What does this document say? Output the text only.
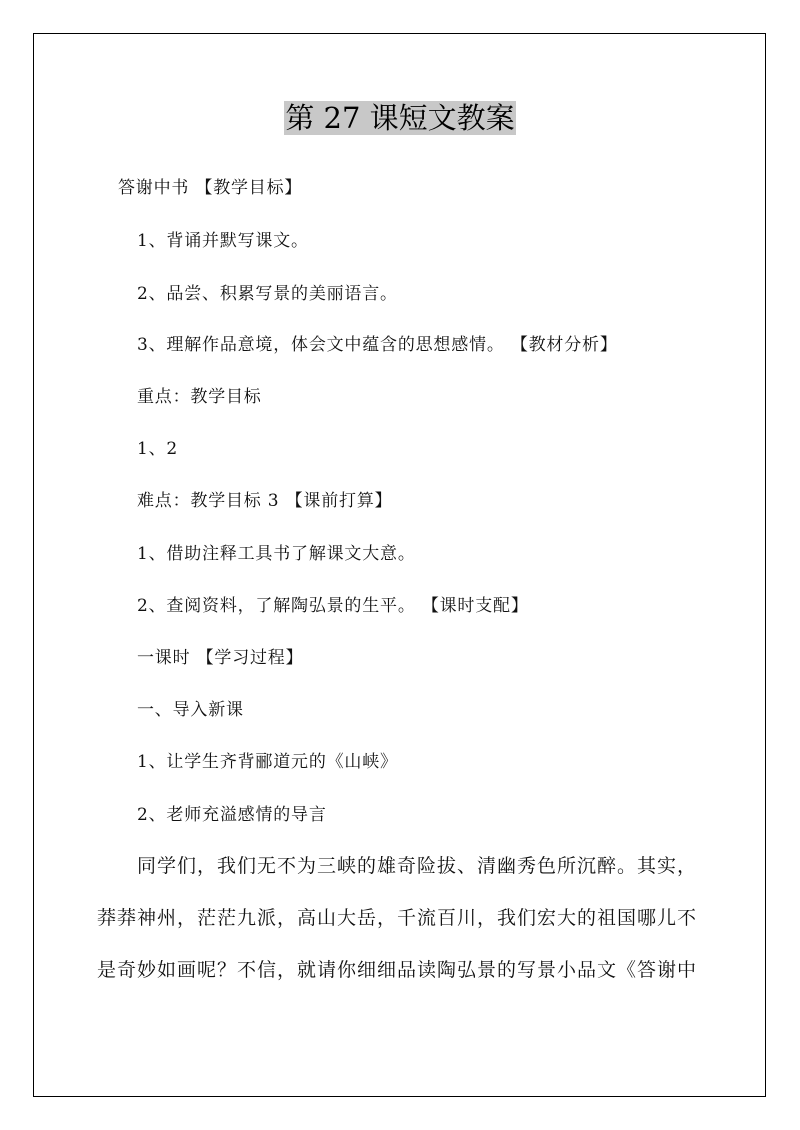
第 27 课短文教案
答谢中书 【教学目标】
1、背诵并默写课文。
2、品尝、积累写景的美丽语言。
3、理解作品意境，体会文中蕴含的思想感情。 【教材分析】
重点：教学目标
1、2
难点：教学目标 3 【课前打算】
1、借助注释工具书了解课文大意。
2、查阅资料，了解陶弘景的生平。 【课时支配】
一课时 【学习过程】
一、导入新课
1、让学生齐背郦道元的《山峡》
2、老师充溢感情的导言
同学们，我们无不为三峡的雄奇险拔、清幽秀色所沉醉。其实，
莽莽神州，茫茫九派，高山大岳，千流百川，我们宏大的祖国哪儿不
是奇妙如画呢？不信，就请你细细品读陶弘景的写景小品文《答谢中
